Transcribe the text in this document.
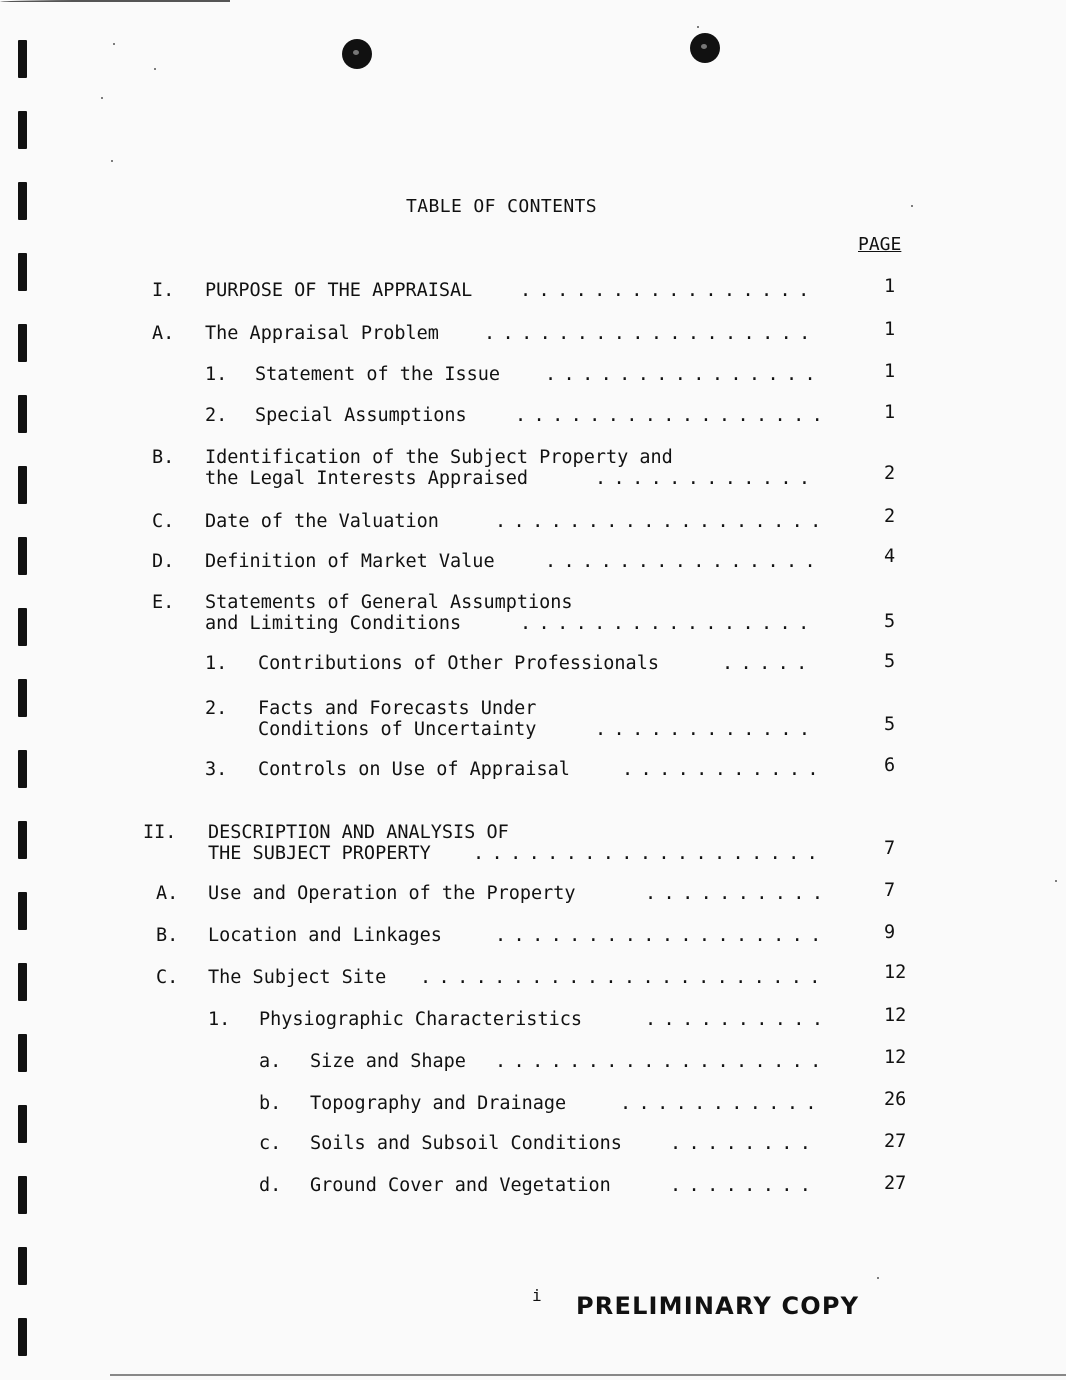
TABLE OF CONTENTS
PAGE
I. PURPOSE OF THE APPRAISAL	................	1
A. The Appraisal Problem ..................	1
1. Statement of the Issue ...............	1
2. Special Assumptions	.................	1
B. Identification of the Subject Property and
the Legal Interests Appraised	............	2
C. Date of the Valuation	..................	2
D. Definition of Market Value	...............	4
E. Statements of General Assumptions
and Limiting Conditions	................	5
1. Contributions of Other Professionals	.....	5
2. Facts and Forecasts Under
Conditions of Uncertainty	............	5
3. Controls on Use of Appraisal	...........	6
II. DESCRIPTION AND ANALYSIS OF
THE SUBJECT PROPERTY ...................	7
A. Use and Operation of the Property	..........	7
B. Location and Linkages	..................	9
C. The Subject Site ......................	12
1. Physiographic Characteristics	..........	12
a. Size and Shape ..................	12
b. Topography and Drainage	...........	26
c. Soils and Subsoil Conditions	........	27
d. Ground Cover and Vegetation	........	27
i PRELIMINARY COPY
